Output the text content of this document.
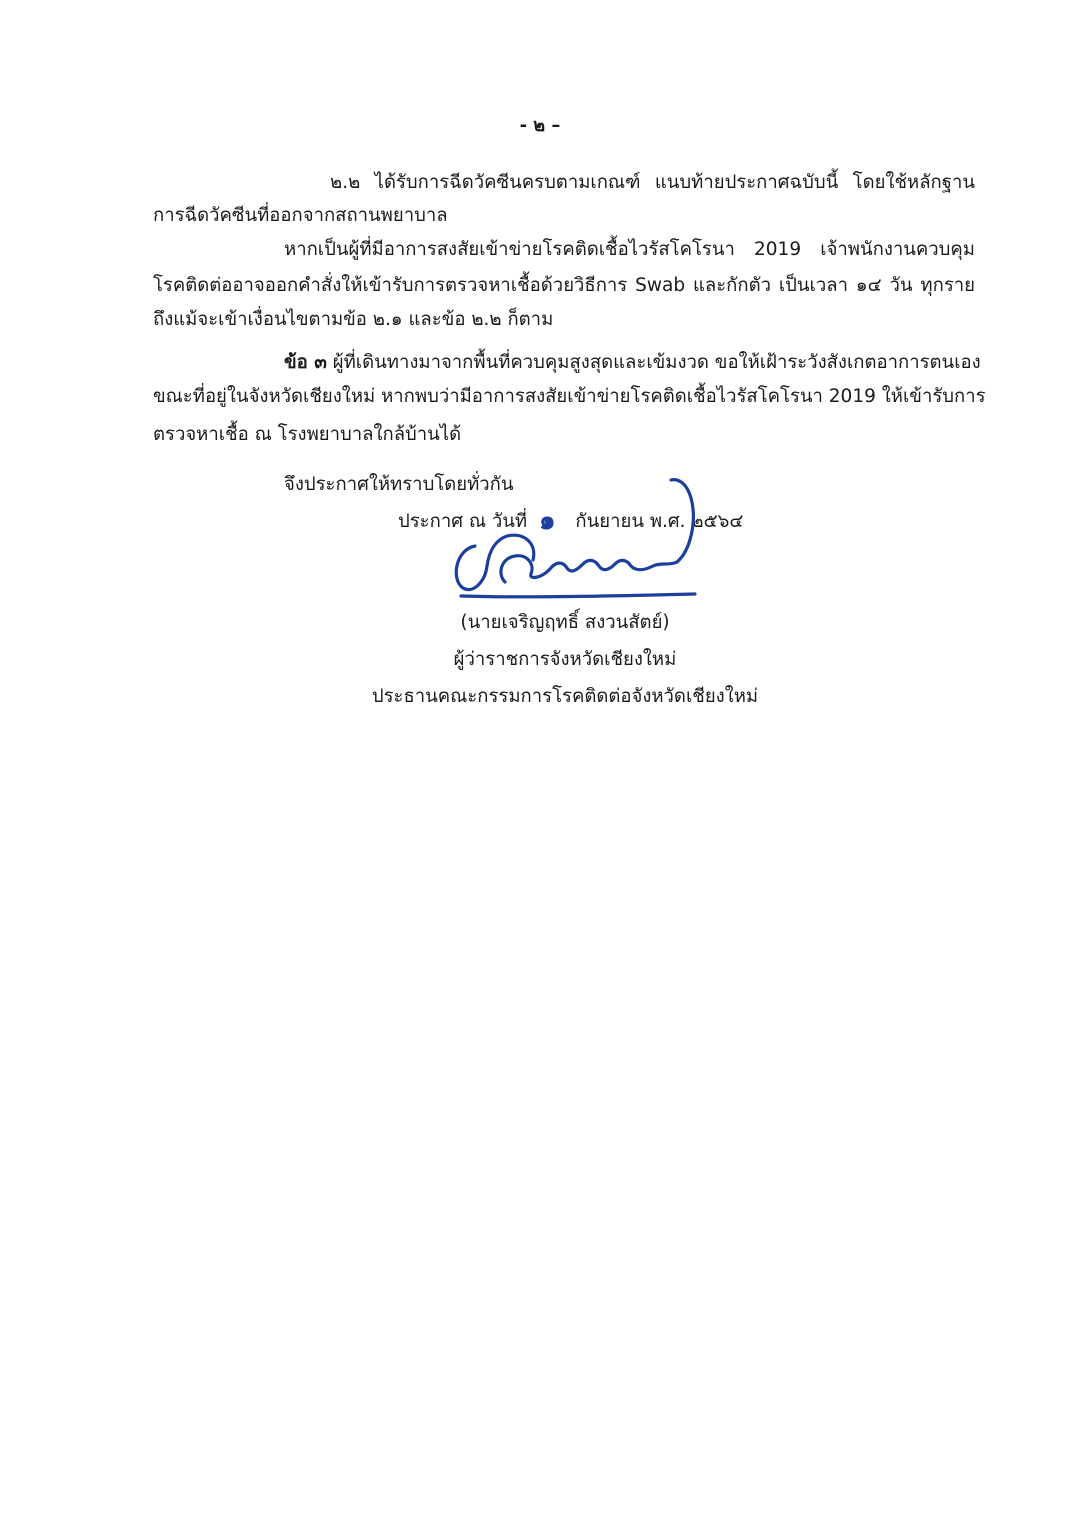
- ๒ –
๒.๒ ได้รับการฉีดวัคซีนครบตามเกณฑ์ แนบท้ายประกาศฉบับนี้ โดยใช้หลักฐาน
การฉีดวัคซีนที่ออกจากสถานพยาบาล
หากเป็นผู้ที่มีอาการสงสัยเข้าข่ายโรคติดเชื้อไวรัสโคโรนา 2019 เจ้าพนักงานควบคุม
โรคติดต่ออาจออกคำสั่งให้เข้ารับการตรวจหาเชื้อด้วยวิธีการ Swab และกักตัว เป็นเวลา ๑๔ วัน ทุกราย
ถึงแม้จะเข้าเงื่อนไขตามข้อ ๒.๑ และข้อ ๒.๒ ก็ตาม
ข้อ ๓ ผู้ที่เดินทางมาจากพื้นที่ควบคุมสูงสุดและเข้มงวด ขอให้เฝ้าระวังสังเกตอาการตนเอง
ขณะที่อยู่ในจังหวัดเชียงใหม่ หากพบว่ามีอาการสงสัยเข้าข่ายโรคติดเชื้อไวรัสโคโรนา 2019 ให้เข้ารับการ
ตรวจหาเชื้อ ณ โรงพยาบาลใกล้บ้านได้
จึงประกาศให้ทราบโดยทั่วกัน
ประกาศ ณ วันที่ ๑ กันยายน พ.ศ. ๒๕๖๔
(นายเจริญฤทธิ์ สงวนสัตย์)
ผู้ว่าราชการจังหวัดเชียงใหม่
ประธานคณะกรรมการโรคติดต่อจังหวัดเชียงใหม่
